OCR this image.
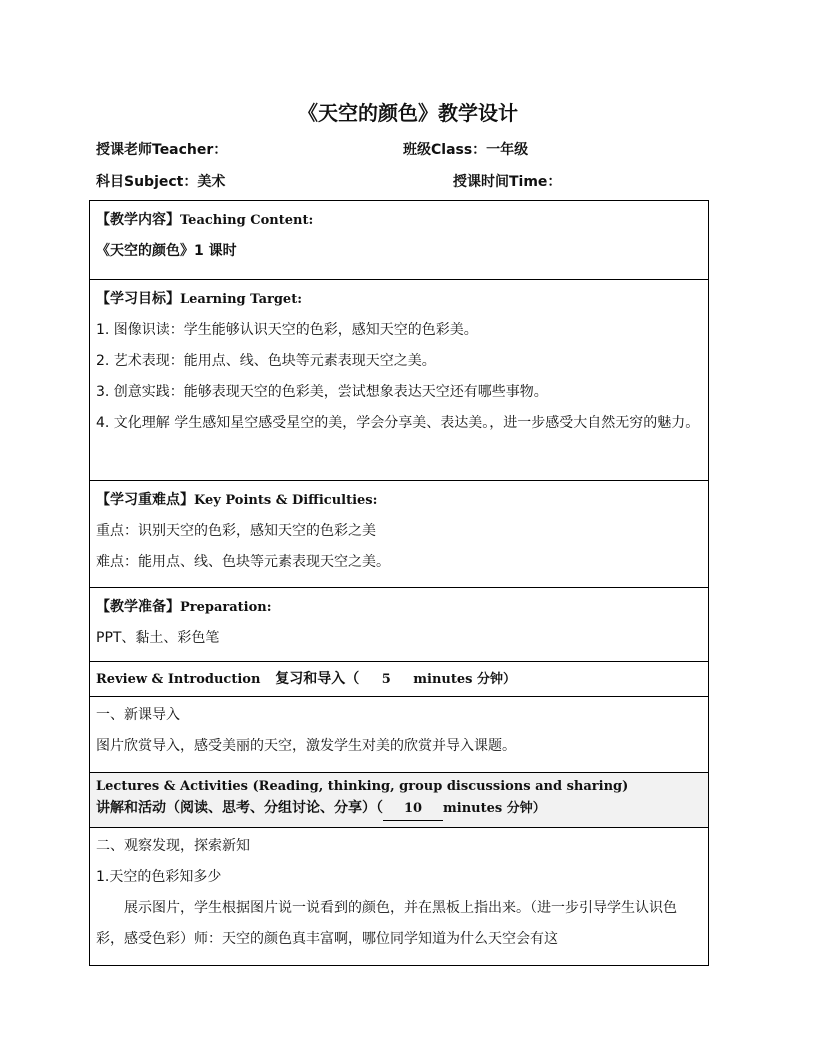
《天空的颜色》教学设计
授课老师Teacher：	班级Class：一年级
科目Subject：美术	授课时间Time：
【教学内容】Teaching Content:
《天空的颜色》1 课时

【学习目标】Learning Target:
1. 图像识读：学生能够认识天空的色彩，感知天空的色彩美。
2. 艺术表现：能用点、线、色块等元素表现天空之美。
3. 创意实践：能够表现天空的色彩美，尝试想象表达天空还有哪些事物。
4. 文化理解 学生感知星空感受星空的美，学会分享美、表达美。，进一步感受大自然无穷的魅力。

【学习重难点】Key Points & Difficulties:
重点：识别天空的色彩，感知天空的色彩之美
难点：能用点、线、色块等元素表现天空之美。

【教学准备】Preparation:
PPT、黏土、彩色笔

Review & Introduction 复习和导入（ 5 minutes 分钟）

一、新课导入
图片欣赏导入，感受美丽的天空，激发学生对美的欣赏并导入课题。

Lectures & Activities (Reading, thinking, group discussions and sharing)
讲解和活动（阅读、思考、分组讨论、分享）（ 10 minutes 分钟）

二、观察发现，探索新知
1.天空的色彩知多少
展示图片，学生根据图片说一说看到的颜色，并在黑板上指出来。（进一步引导学生认识色彩，感受色彩）师：天空的颜色真丰富啊，哪位同学知道为什么天空会有这
